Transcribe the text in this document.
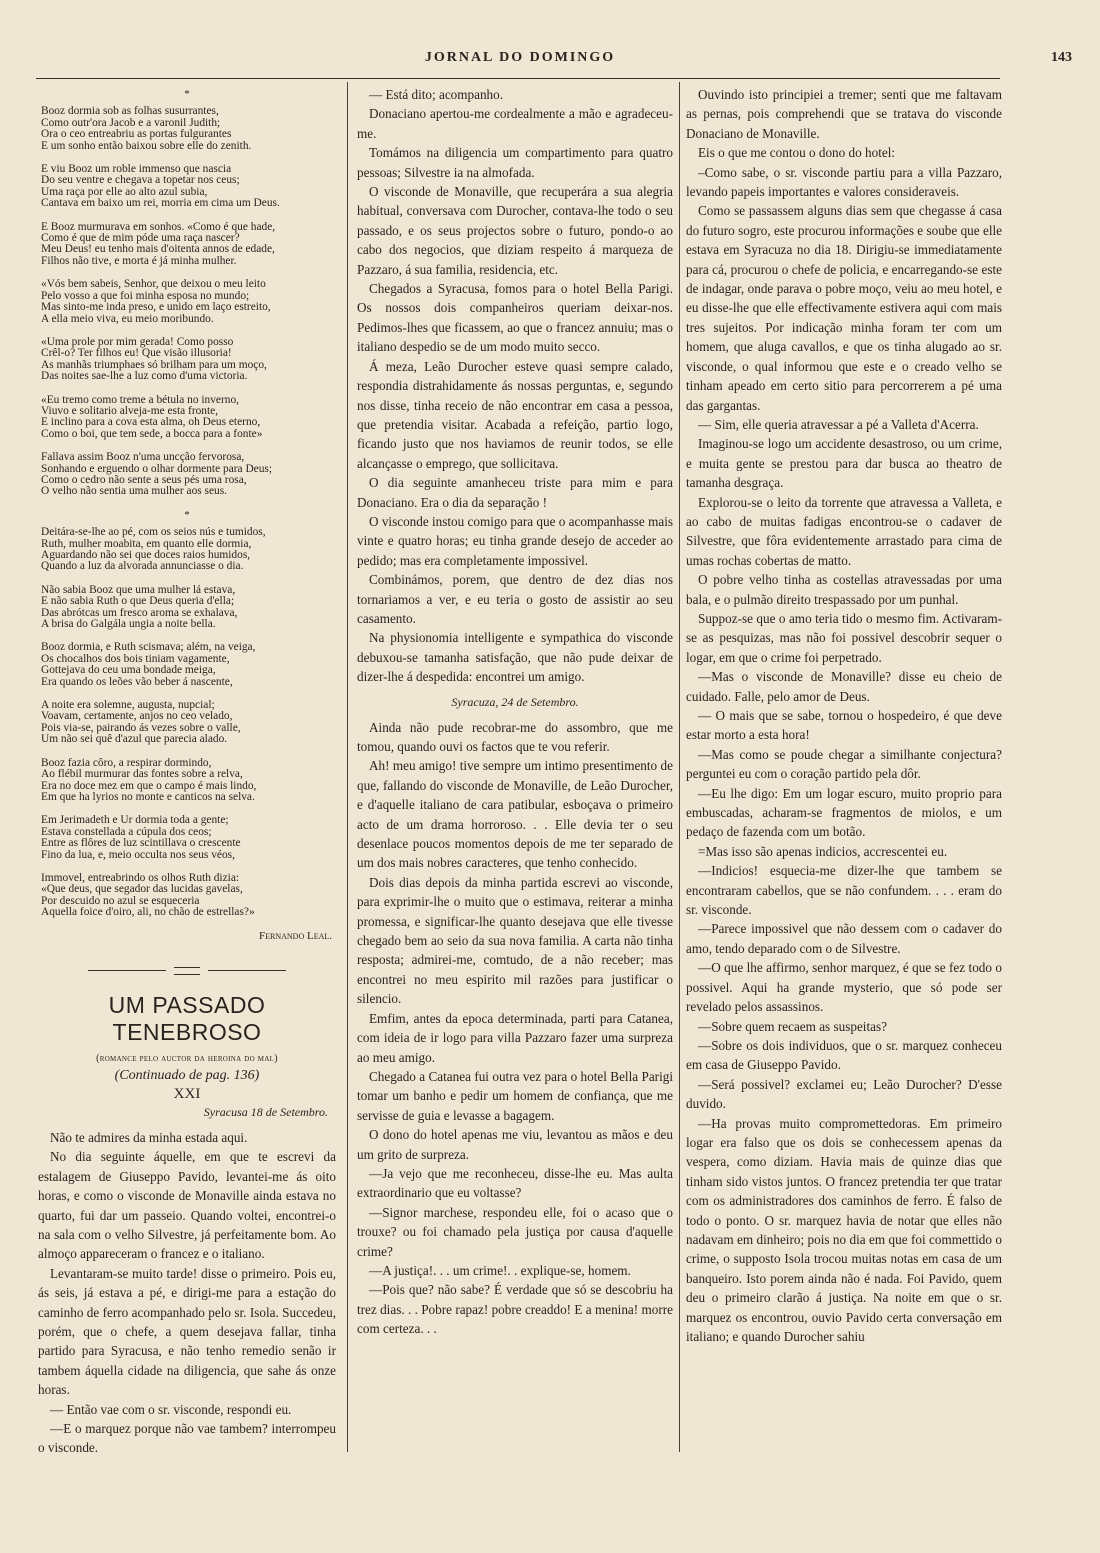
JORNAL DO DOMINGO	143
*
Booz dormia sob as folhas susurrantes,
Como outr'ora Jacob e a varonil Judith;
Ora o ceo entreabriu as portas fulgurantes
E um sonho então baixou sobre elle do zenith.
E viu Booz um roble immenso que nascia
Do seu ventre e chegava a topetar nos ceus;
Uma raça por elle ao alto azul subia,
Cantava em baixo um rei, morria em cima um Deus.
E Booz murmurava em sonhos. «Como é que hade,
Como é que de mim póde uma raça nascer?
Meu Deus! eu tenho mais d'oitenta annos de edade,
Filhos não tive, e morta é já minha mulher.
«Vós bem sabeis, Senhor, que deixou o meu leito
Pelo vosso a que foi minha esposa no mundo;
Mas sinto-me inda preso, e unido em laço estreito,
A ella meio viva, eu meio moribundo.
«Uma prole por mim gerada! Como posso
Crêl-o? Ter filhos eu! Que visão illusoria!
As manhãs triumphaes só brilham para um moço,
Das noites sae-lhe a luz como d'uma victoria.
«Eu tremo como treme a bétula no inverno,
Viuvo e solitario alveja-me esta fronte,
E inclino para a cova esta alma, oh Deus eterno,
Como o boi, que tem sede, a bocca para a fonte»
Fallava assim Booz n'uma uncção fervorosa,
Sonhando e erguendo o olhar dormente para Deus;
Como o cedro não sente a seus pés uma rosa,
O velho não sentia uma mulher aos seus.
*
Deitára-se-lhe ao pé, com os seios nús e tumidos,
Ruth, mulher moabita, em quanto elle dormia,
Aguardando não sei que doces raios humidos,
Quando a luz da alvorada annunciasse o dia.
Não sabia Booz que uma mulher lá estava,
E não sabia Ruth o que Deus queria d'ella;
Das abrótcas um fresco aroma se exhalava,
A brisa do Galgála ungia a noite bella.
Booz dormia, e Ruth scismava; além, na veiga,
Os chocalhos dos bois tiniam vagamente,
Gottejava do ceu uma bondade meiga,
Era quando os leões vão beber á nascente,
A noite era solemne, augusta, nupcial;
Voavam, certamente, anjos no ceo velado,
Pois via-se, pairando ás vezes sobre o valle,
Um não sei quê d'azul que parecia alado.
Booz fazia côro, a respirar dormindo,
Ao flébil murmurar das fontes sobre a relva,
Era no doce mez em que o campo é mais lindo,
Em que ha lyrios no monte e canticos na selva.
Em Jerimadeth e Ur dormia toda a gente;
Estava constellada a cúpula dos ceos;
Entre as flôres de luz scintillava o crescente
Fino da lua, e, meio occulta nos seus véos,
Immovel, entreabrindo os olhos Ruth dizia:
«Que deus, que segador das lucidas gavelas,
Por descuido no azul se esqueceria
Aquella foice d'oiro, ali, no chão de estrellas?»
Fernando Leal.
UM PASSADO TENEBROSO
(romance pelo auctor da heroina do mal)
(Continuado de pag. 136)
XXI
Syracusa 18 de Setembro.

Não te admires da minha estada aqui.

No dia seguinte áquelle, em que te escrevi da estalagem de Giuseppo Pavido, levantei-me ás oito horas, e como o visconde de Monaville ainda estava no quarto, fui dar um passeio. Quando voltei, encontrei-o na sala com o velho Silvestre, já perfeitamente bom. Ao almoço appareceram o francez e o italiano.

Levantaram-se muito tarde! disse o primeiro. Pois eu, ás seis, já estava a pé, e dirigi-me para a estação do caminho de ferro acompanhado pelo sr. Isola. Succedeu, porém, que o chefe, a quem desejava fallar, tinha partido para Syracusa, e não tenho remedio senão ir tambem áquella cidade na diligencia, que sahe ás onze horas.

— Então vae com o sr. visconde, respondi eu.

—E o marquez porque não vae tambem? interrompeu o visconde.

— Está dito; acompanho.

Donaciano apertou-me cordealmente a mão e agradeceu-me.

Tomámos na diligencia um compartimento para quatro pessoas; Silvestre ia na almofada.

O visconde de Monaville, que recuperára a sua alegria habitual, conversava com Durocher, contava-lhe todo o seu passado, e os seus projectos sobre o futuro, pondo-o ao cabo dos negocios, que diziam respeito á marqueza de Pazzaro, á sua familia, residencia, etc.

Chegados a Syracusa, fomos para o hotel Bella Parigi. Os nossos dois companheiros queriam deixar-nos. Pedimos-lhes que ficassem, ao que o francez annuiu; mas o italiano despedio se de um modo muito secco.

Á meza, Leão Durocher esteve quasi sempre calado, respondia distrahidamente ás nossas perguntas, e, segundo nos disse, tinha receio de não encontrar em casa a pessoa, que pretendia visitar. Acabada a refeição, partio logo, ficando justo que nos haviamos de reunir todos, se elle alcançasse o emprego, que sollicitava.

O dia seguinte amanheceu triste para mim e para Donaciano. Era o dia da separação !

O visconde instou comigo para que o acompanhasse mais vinte e quatro horas; eu tinha grande desejo de acceder ao pedido; mas era completamente impossivel.

Combinámos, porem, que dentro de dez dias nos tornariamos a ver, e eu teria o gosto de assistir ao seu casamento.

Na physionomia intelligente e sympathica do visconde debuxou-se tamanha satisfação, que não pude deixar de dizer-lhe á despedida: encontrei um amigo.

Syracuza, 24 de Setembro.

Ainda não pude recobrar-me do assombro, que me tomou, quando ouvi os factos que te vou referir.

Ah! meu amigo! tive sempre um intimo presentimento de que, fallando do visconde de Monaville, de Leão Durocher, e d'aquelle italiano de cara patibular, esboçava o primeiro acto de um drama horroroso. . . Elle devia ter o seu desenlace poucos momentos depois de me ter separado de um dos mais nobres caracteres, que tenho conhecido.

Dois dias depois da minha partida escrevi ao visconde, para exprimir-lhe o muito que o estimava, reiterar a minha promessa, e significar-lhe quanto desejava que elle tivesse chegado bem ao seio da sua nova familia. A carta não tinha resposta; admirei-me, comtudo, de a não receber; mas encontrei no meu espirito mil razões para justificar o silencio.

Emfim, antes da epoca determinada, parti para Catanea, com ideia de ir logo para villa Pazzaro fazer uma surpreza ao meu amigo.

Chegado a Catanea fui outra vez para o hotel Bella Parigi tomar um banho e pedir um homem de confiança, que me servisse de guia e levasse a bagagem.

O dono do hotel apenas me viu, levantou as mãos e deu um grito de surpreza.

—Ja vejo que me reconheceu, disse-lhe eu. Mas aulta extraordinario que eu voltasse?

—Signor marchese, respondeu elle, foi o acaso que o trouxe? ou foi chamado pela justiça por causa d'aquelle crime?

—A justiça!. . . um crime!. . explique-se, homem.

—Pois que? não sabe? É verdade que só se descobriu ha trez dias. . . Pobre rapaz! pobre creaddo! E a menina! morre com certeza. . .

Ouvindo isto principiei a tremer; senti que me faltavam as pernas, pois comprehendi que se tratava do visconde Donaciano de Monaville.

Eis o que me contou o dono do hotel:

–Como sabe, o sr. visconde partiu para a villa Pazzaro, levando papeis importantes e valores consideraveis.

Como se passassem alguns dias sem que chegasse á casa do futuro sogro, este procurou informações e soube que elle estava em Syracuza no dia 18. Dirigiu-se immediatamente para cá, procurou o chefe de policia, e encarregando-se este de indagar, onde parava o pobre moço, veiu ao meu hotel, e eu disse-lhe que elle effectivamente estivera aqui com mais tres sujeitos. Por indicação minha foram ter com um homem, que aluga cavallos, e que os tinha alugado ao sr. visconde, o qual informou que este e o creado velho se tinham apeado em certo sitio para percorrerem a pé uma das gargantas.

— Sim, elle queria atravessar a pé a Valleta d'Acerra.

Imaginou-se logo um accidente desastroso, ou um crime, e muita gente se prestou para dar busca ao theatro de tamanha desgraça.

Explorou-se o leito da torrente que atravessa a Valleta, e ao cabo de muitas fadigas encontrou-se o cadaver de Silvestre, que fôra evidentemente arrastado para cima de umas rochas cobertas de matto.

O pobre velho tinha as costellas atravessadas por uma bala, e o pulmão direito trespassado por um punhal.

Suppoz-se que o amo teria tido o mesmo fim. Activaram-se as pesquizas, mas não foi possivel descobrir sequer o logar, em que o crime foi perpetrado.

—Mas o visconde de Monaville? disse eu cheio de cuidado. Falle, pelo amor de Deus.

— O mais que se sabe, tornou o hospedeiro, é que deve estar morto a esta hora!

—Mas como se poude chegar a similhante conjectura? perguntei eu com o coração partido pela dôr.

—Eu lhe digo: Em um logar escuro, muito proprio para embuscadas, acharam-se fragmentos de miolos, e um pedaço de fazenda com um botão.

=Mas isso são apenas indicios, accrescentei eu.

—Indicios! esquecia-me dizer-lhe que tambem se encontraram cabellos, que se não confundem. . . . eram do sr. visconde.

—Parece impossivel que não dessem com o cadaver do amo, tendo deparado com o de Silvestre.

—O que lhe affirmo, senhor marquez, é que se fez todo o possivel. Aqui ha grande mysterio, que só pode ser revelado pelos assassinos.

—Sobre quem recaem as suspeitas?

—Sobre os dois individuos, que o sr. marquez conheceu em casa de Giuseppo Pavido.

—Será possivel? exclamei eu; Leão Durocher? D'esse duvido.

—Ha provas muito compromettedoras. Em primeiro logar era falso que os dois se conhecessem apenas da vespera, como diziam. Havia mais de quinze dias que tinham sido vistos juntos. O francez pretendia ter que tratar com os administradores dos caminhos de ferro. É falso de todo o ponto. O sr. marquez havia de notar que elles não nadavam em dinheiro; pois no dia em que foi commettido o crime, o supposto Isola trocou muitas notas em casa de um banqueiro. Isto porem ainda não é nada. Foi Pavido, quem deu o primeiro clarão á justiça. Na noite em que o sr. marquez os encontrou, ouvio Pavido certa conversação em italiano; e quando Durocher sahiu
